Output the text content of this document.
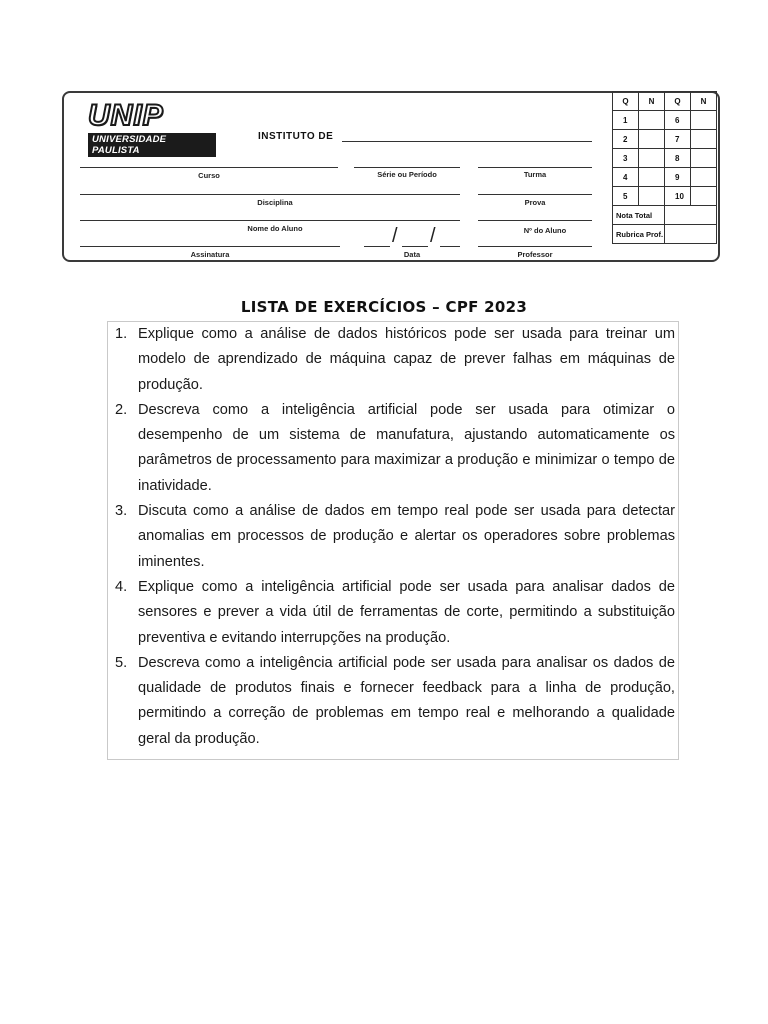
UNIP
UNIVERSIDADE PAULISTA
INSTITUTO DE
Curso	Série ou Período	Turma
Disciplina	Prova
Nome do Aluno	Nº do Aluno
Assinatura
/ /
Data	Professor
Q	N	Q	N
1		6	
2		7	
3		8	
4		9	
5		10	
Nota Total			
Rubrica Prof.			
LISTA DE EXERCÍCIOS – CPF 2023
1. Explique como a análise de dados históricos pode ser usada para treinar um modelo de aprendizado de máquina capaz de prever falhas em máquinas de produção.
2. Descreva como a inteligência artificial pode ser usada para otimizar o desempenho de um sistema de manufatura, ajustando automaticamente os parâmetros de processamento para maximizar a produção e minimizar o tempo de inatividade.
3. Discuta como a análise de dados em tempo real pode ser usada para detectar anomalias em processos de produção e alertar os operadores sobre problemas iminentes.
4. Explique como a inteligência artificial pode ser usada para analisar dados de sensores e prever a vida útil de ferramentas de corte, permitindo a substituição preventiva e evitando interrupções na produção.
5. Descreva como a inteligência artificial pode ser usada para analisar os dados de qualidade de produtos finais e fornecer feedback para a linha de produção, permitindo a correção de problemas em tempo real e melhorando a qualidade geral da produção.
